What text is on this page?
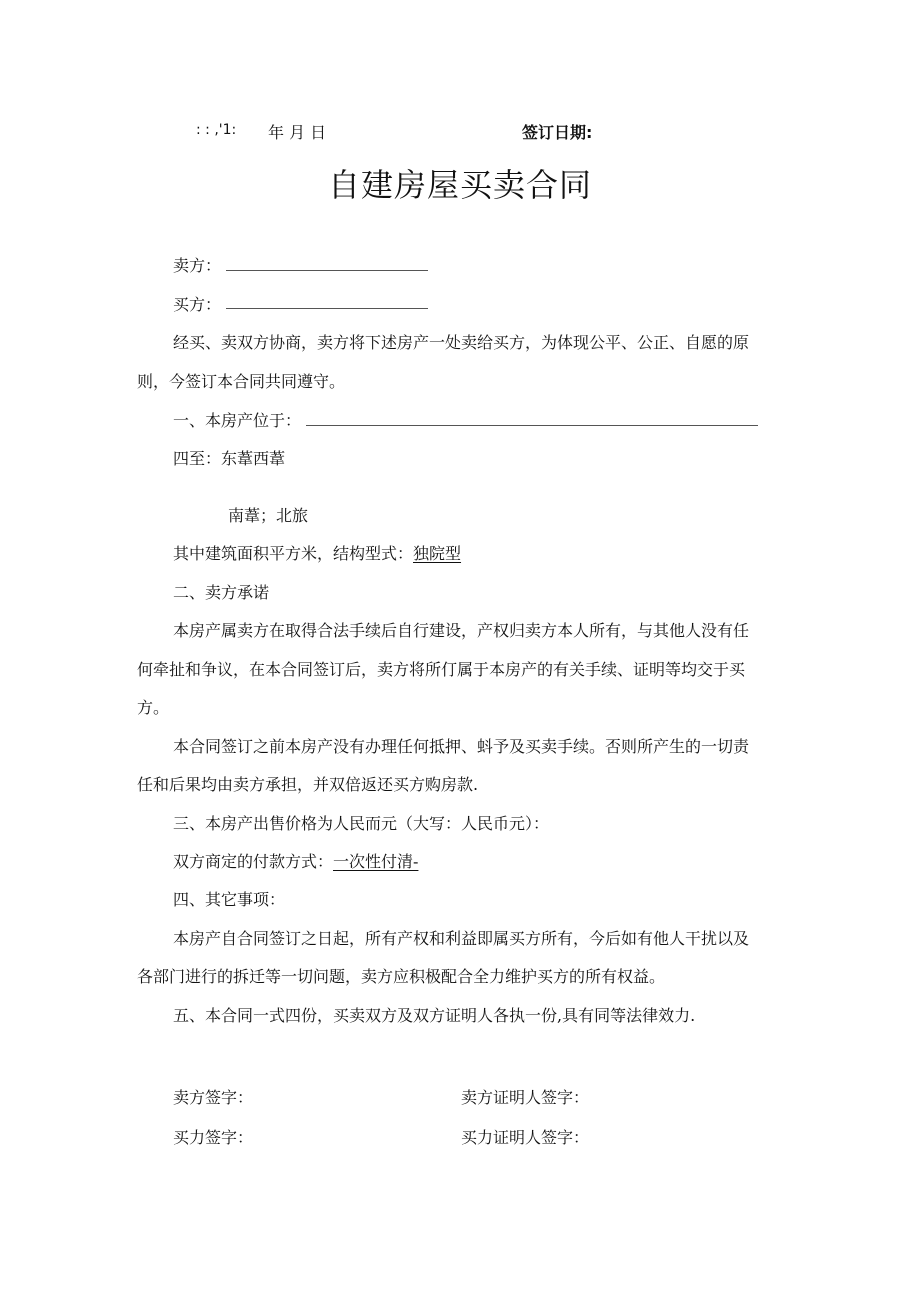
: : ,'1: 年 月 日	签订日期:
自建房屋买卖合同
卖方：
买方：
经买、卖双方协商，卖方将下述房产一处卖给买方，为体现公平、公正、自愿的原
则，今签订本合同共同遵守。
一、本房产位于：
四至：东葦西葦
南葦；北旅
其中建筑面积平方米，结构型式：独院型
二、卖方承诺
本房产属卖方在取得合法手续后自行建设，产权归卖方本人所有，与其他人没有任
何牵扯和争议，在本合同签订后，卖方将所仃属于本房产的有关手续、证明等均交于买
方。
本合同签订之前本房产没有办理任何抵押、蚪予及买卖手续。否则所产生的一切责
任和后果均由卖方承担，并双倍返还买方购房款.
三、本房产出售价格为人民而元（大写：人民币元）：
双方商定的付款方式：一次性付清-
四、其它事项：
本房产自合同签订之日起，所有产权和利益即属买方所有，今后如有他人干扰以及
各部门进行的拆迁等一切问题，卖方应积极配合全力维护买方的所有权益。
五、本合同一式四份，买卖双方及双方证明人各执一份,具有同等法律效力.
卖方签字：	卖方证明人签字：
买力签字：	买力证明人签字：
